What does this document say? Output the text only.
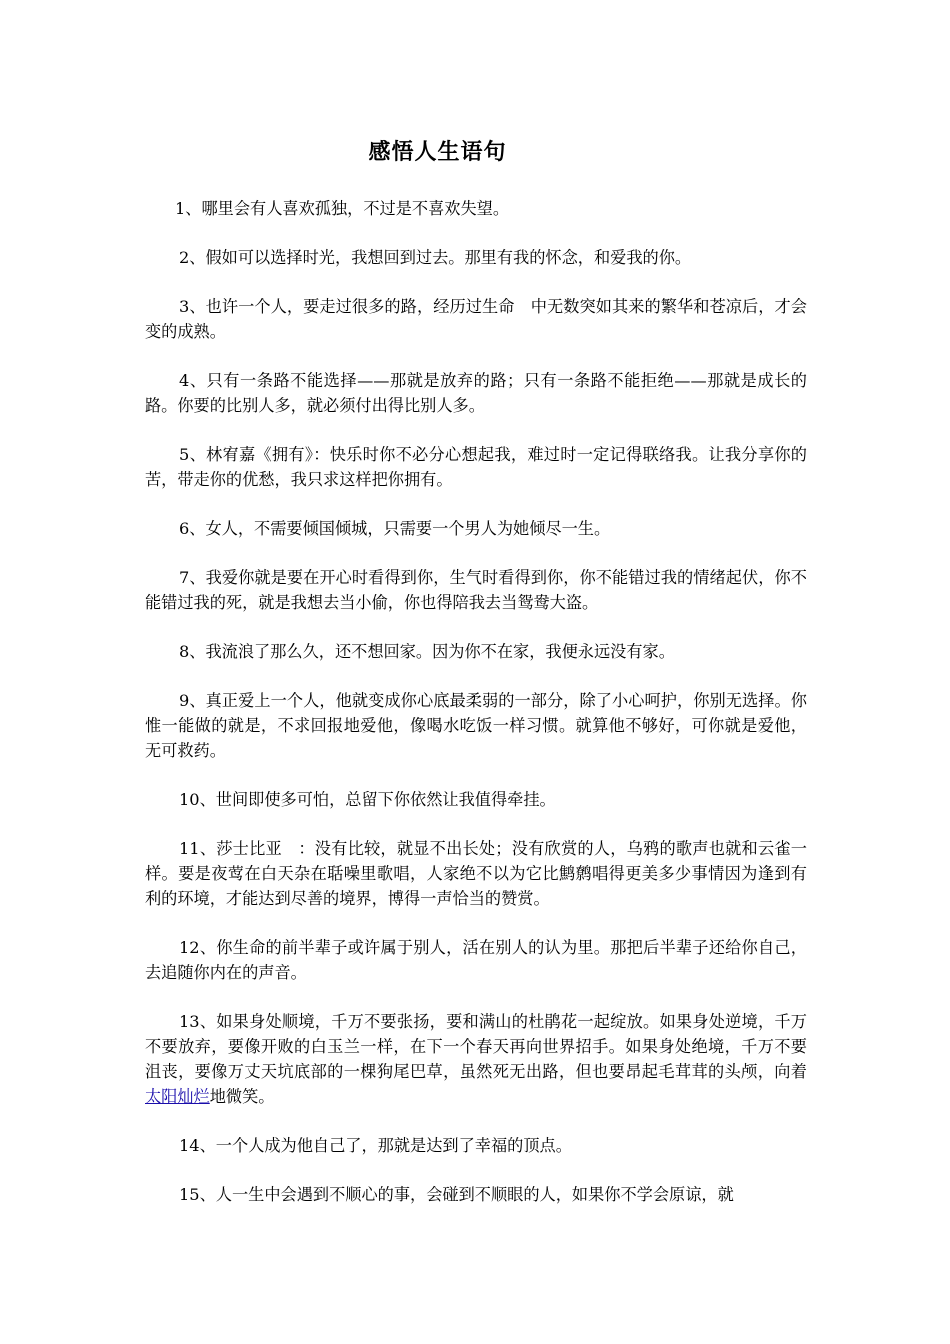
感悟人生语句

1、哪里会有人喜欢孤独，不过是不喜欢失望。

2、假如可以选择时光，我想回到过去。那里有我的怀念，和爱我的你。

3、也许一个人，要走过很多的路，经历过生命　中无数突如其来的繁华和苍凉后，才会变的成熟。

4、只有一条路不能选择——那就是放弃的路；只有一条路不能拒绝——那就是成长的路。你要的比别人多，就必须付出得比别人多。

5、林宥嘉《拥有》：快乐时你不必分心想起我，难过时一定记得联络我。让我分享你的苦，带走你的优愁，我只求这样把你拥有。

6、女人，不需要倾国倾城，只需要一个男人为她倾尽一生。

7、我爱你就是要在开心时看得到你，生气时看得到你，你不能错过我的情绪起伏，你不能错过我的死，就是我想去当小偷，你也得陪我去当鸳鸯大盗。

8、我流浪了那么久，还不想回家。因为你不在家，我便永远没有家。

9、真正爱上一个人，他就变成你心底最柔弱的一部分，除了小心呵护，你别无选择。你惟一能做的就是，不求回报地爱他，像喝水吃饭一样习惯。就算他不够好，可你就是爱他，无可救药。

10、世间即使多可怕，总留下你依然让我值得牵挂。

11、莎士比亚　：没有比较，就显不出长处；没有欣赏的人，乌鸦的歌声也就和云雀一样。要是夜莺在白天杂在聒噪里歌唱，人家绝不以为它比鹪鹩唱得更美多少事情因为逢到有利的环境，才能达到尽善的境界，博得一声恰当的赞赏。

12、你生命的前半辈子或许属于别人，活在别人的认为里。那把后半辈子还给你自己，去追随你内在的声音。

13、如果身处顺境，千万不要张扬，要和满山的杜鹃花一起绽放。如果身处逆境，千万不要放弃，要像开败的白玉兰一样，在下一个春天再向世界招手。如果身处绝境，千万不要沮丧，要像万丈天坑底部的一棵狗尾巴草，虽然死无出路，但也要昂起毛茸茸的头颅，向着太阳灿烂地微笑。

14、一个人成为他自己了，那就是达到了幸福的顶点。

15、人一生中会遇到不顺心的事，会碰到不顺眼的人，如果你不学会原谅，就
